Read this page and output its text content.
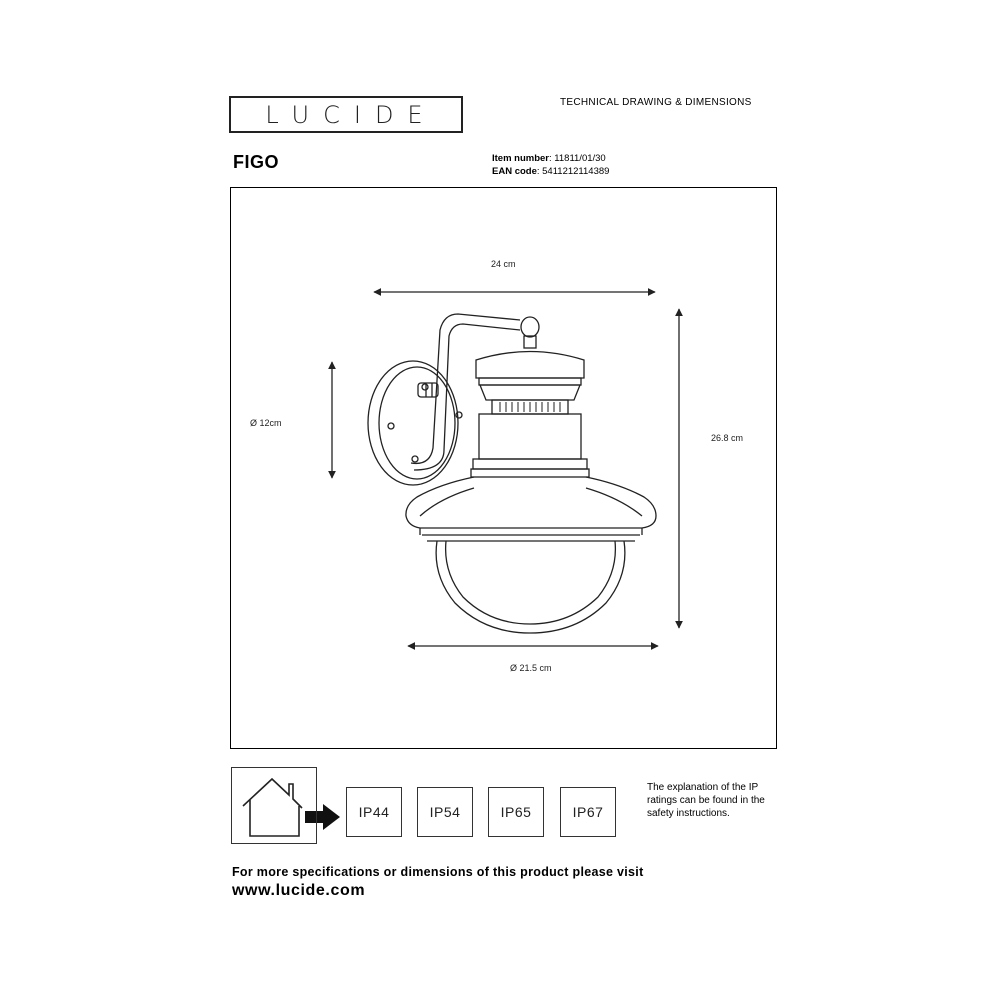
LUCIDE	TECHNICAL DRAWING & DIMENSIONS
FIGO	Item number: 11811/01/30
EAN code: 5411212114389
24 cm
Ø 12cm
26.8 cm
Ø 21.5 cm
IP44	IP54	IP65	IP67
The explanation of the IP ratings can be found in the safety instructions.
For more specifications or dimensions of this product please visit
www.lucide.com
